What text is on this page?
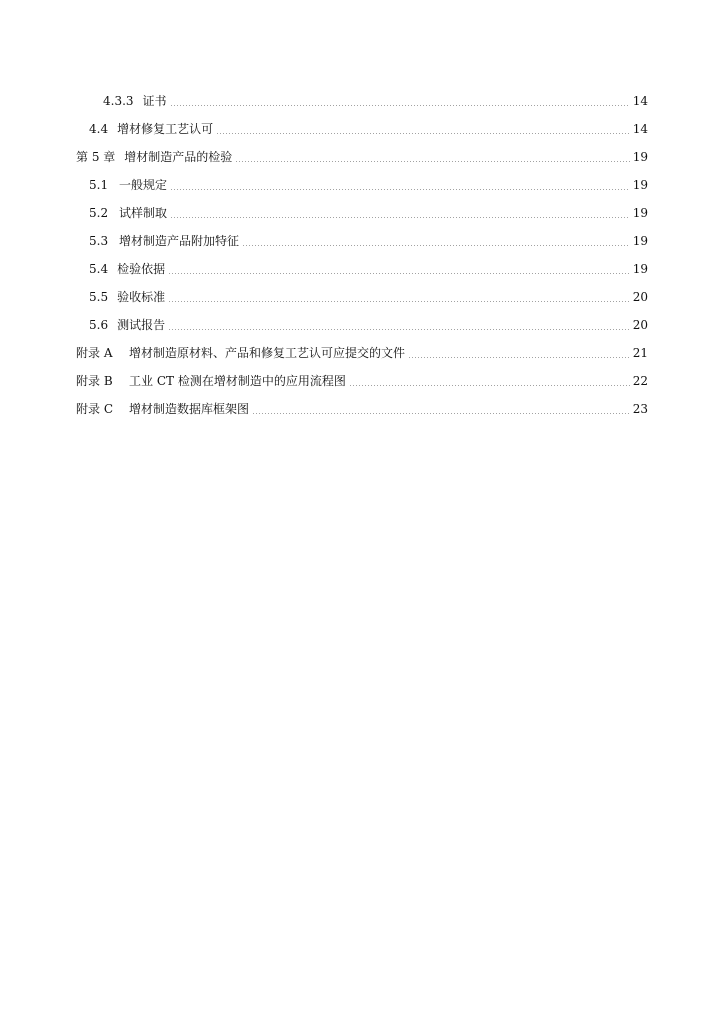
4.3.3 证书	14
4.4 增材修复工艺认可	14
第 5 章 增材制造产品的检验	19
5.1 一般规定	19
5.2 试样制取	19
5.3 增材制造产品附加特征	19
5.4 检验依据	19
5.5 验收标准	20
5.6 测试报告	20
附录 A	增材制造原材料、产品和修复工艺认可应提交的文件	21
附录 B	工业 CT 检测在增材制造中的应用流程图	22
附录 C	增材制造数据库框架图	23
